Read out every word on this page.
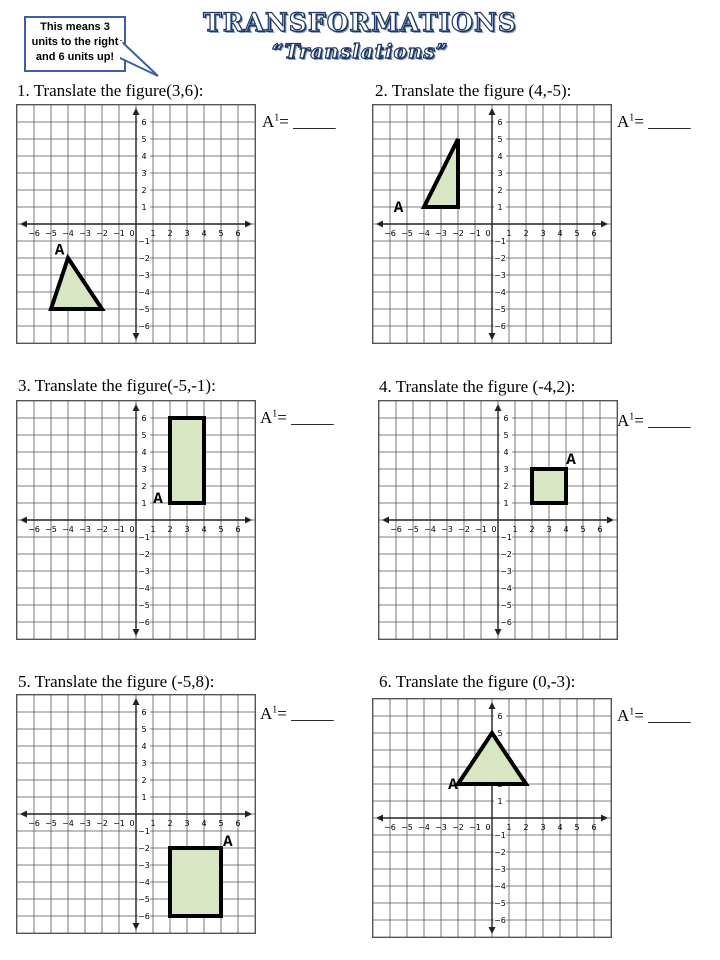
TRANSFORMATIONS
“Translations”
This means 3 units to the right and 6 units up!
1. Translate the figure(3,6):
$A^1=$ _____
−6 −5 −4 −3 −2 −1 0 1 2 3 4 5 6
6
5
4
3
2
1
−1
−2
−3
−4
−5
−6
A
2. Translate the figure (4,-5):
$A^1=$ _____
−6 −5 −4 −3 −2 −1 0 1 2 3 4 5 6
6
5
4
3
2
1
−1
−2
−3
−4
−5
−6
A
3. Translate the figure(-5,-1):
$A^1=$ _____
−6 −5 −4 −3 −2 −1 0 1 2 3 4 5 6
6
5
4
3
2
1
−1
−2
−3
−4
−5
−6
A
4. Translate the figure (-4,2):
$A^1=$ _____
−6 −5 −4 −3 −2 −1 0 1 2 3 4 5 6
6
5
4
3
2
1
−1
−2
−3
−4
−5
−6
A
5. Translate the figure (-5,8):
$A^1=$ _____
−6 −5 −4 −3 −2 −1 0 1 2 3 4 5 6
6
5
4
3
2
1
−1
−2
−3
−4
−5
−6
A
6. Translate the figure (0,-3):
$A^1=$ _____
−6 −5 −4 −3 −2 −1 0 1 2 3 4 5 6
6
5
1
−1
−2
−3
−4
−5
−6
A
